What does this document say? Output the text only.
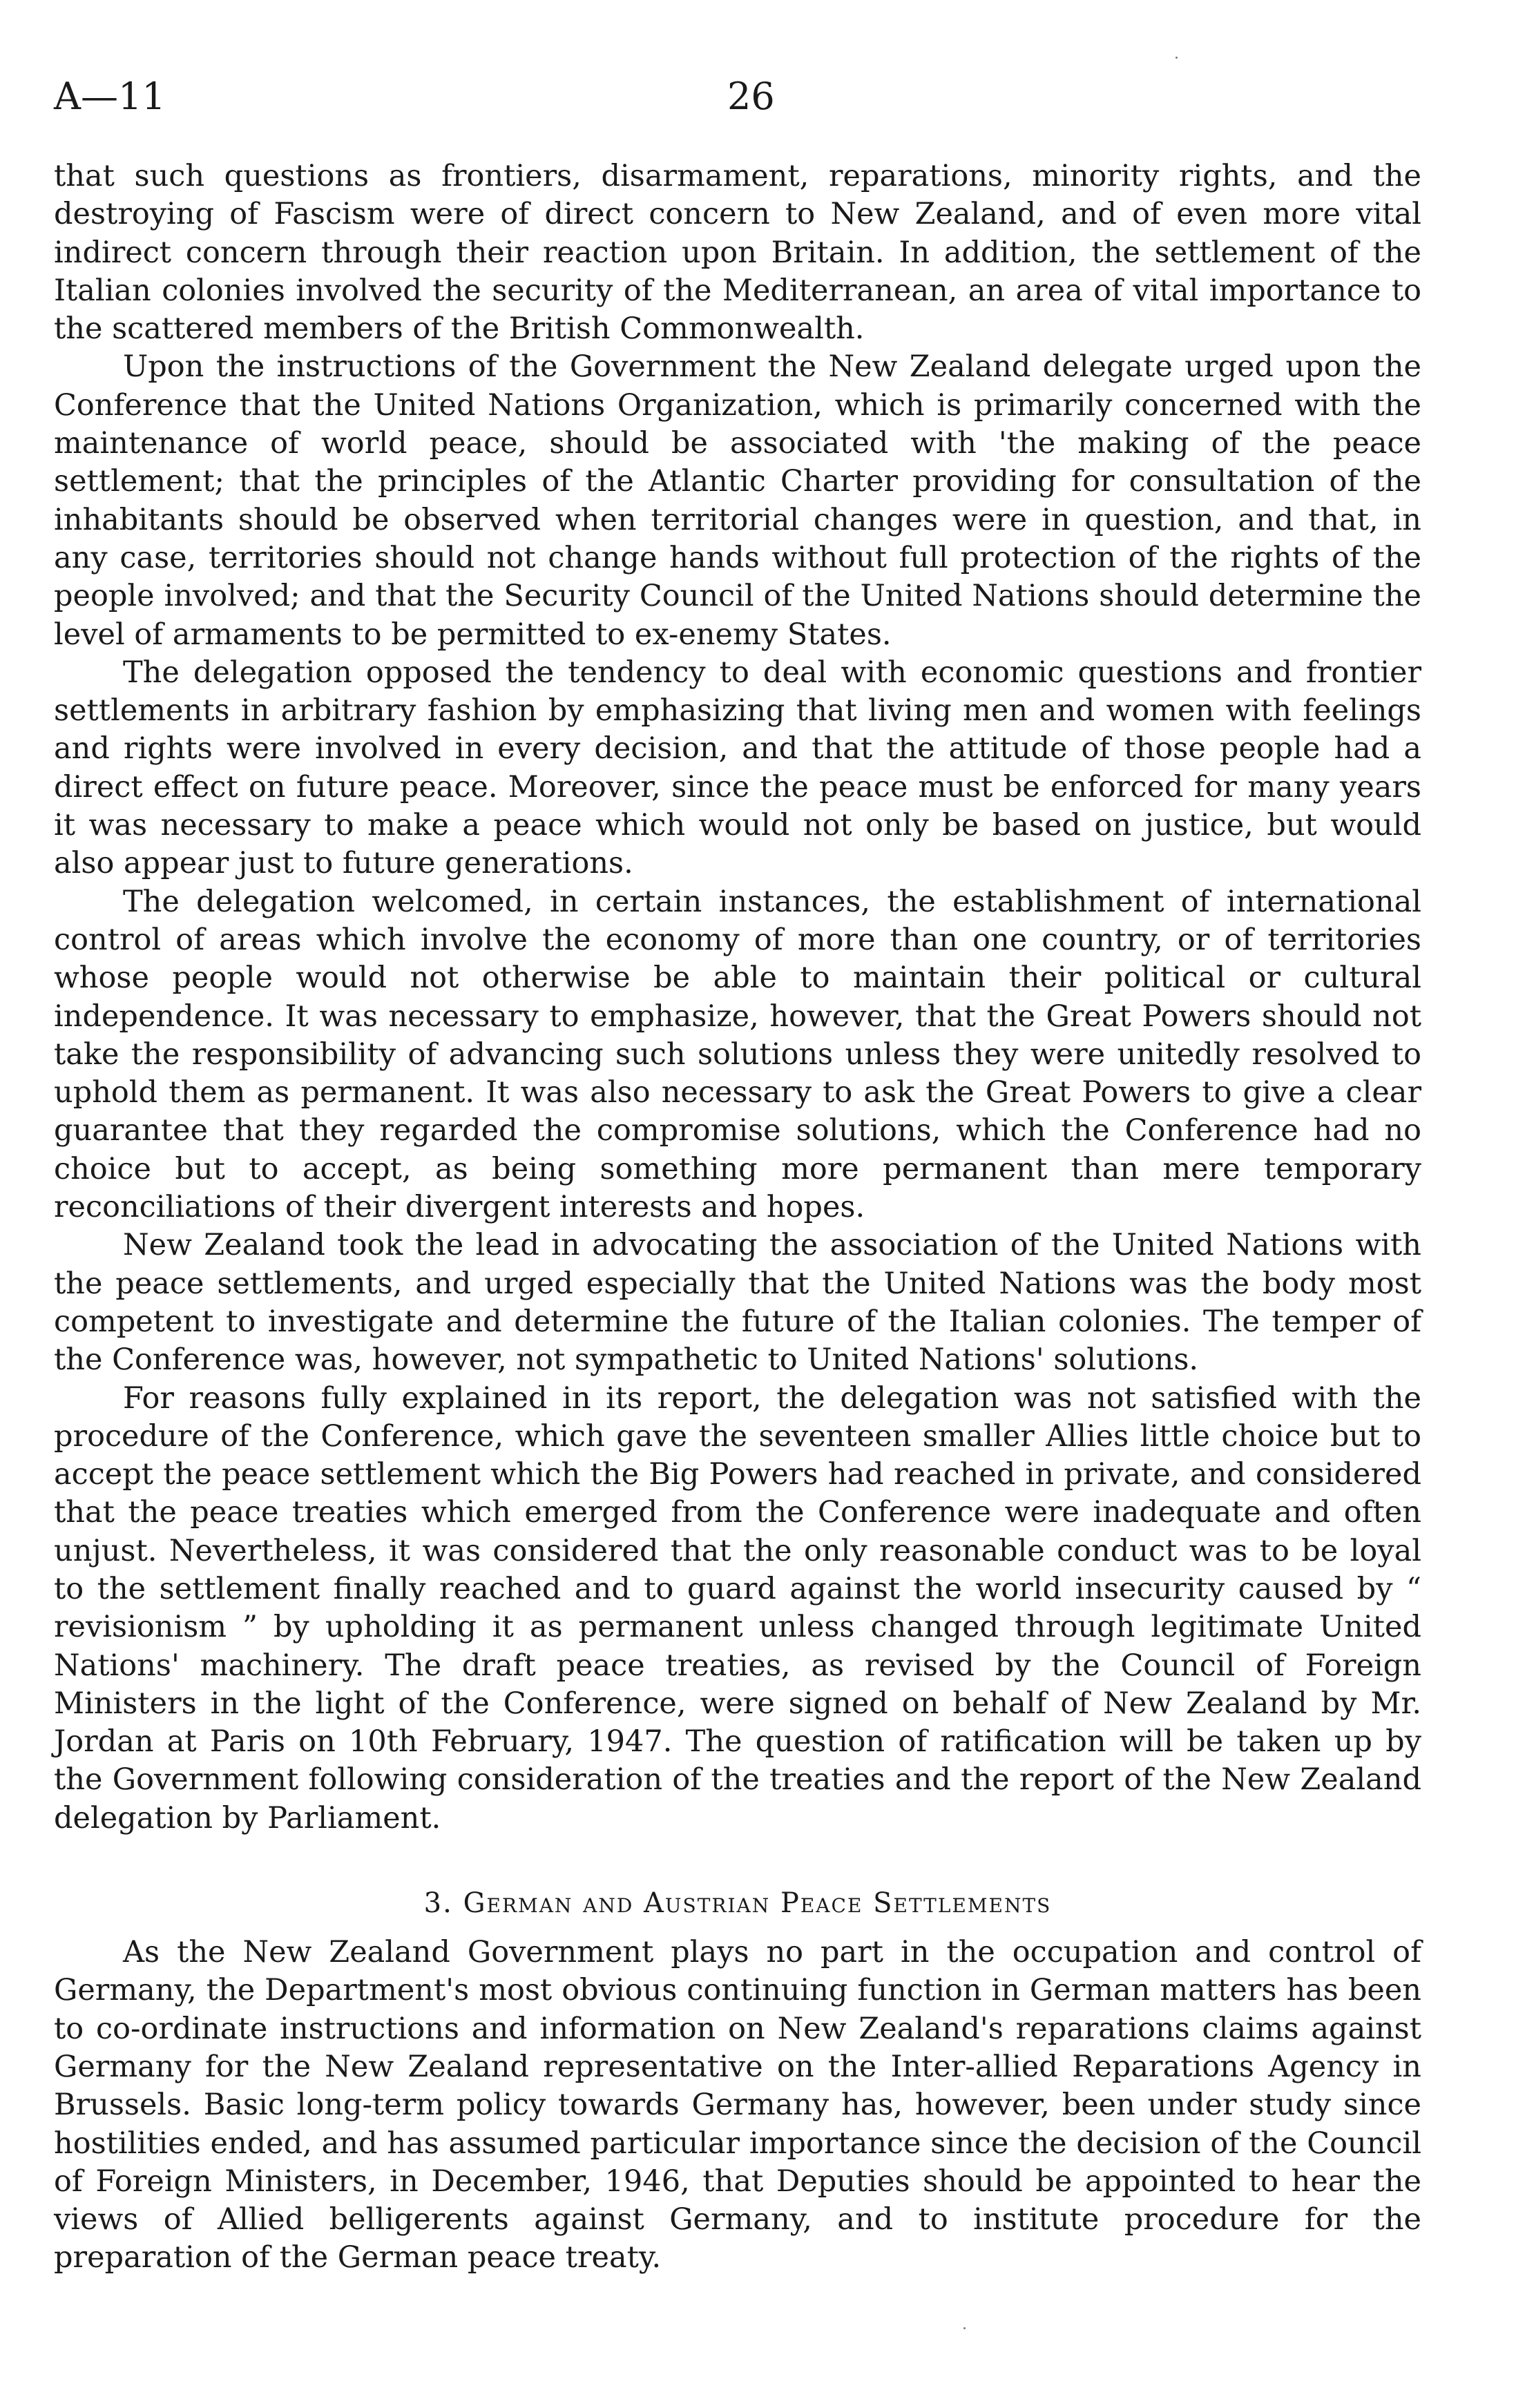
A—11	26

that such questions as frontiers, disarmament, reparations, minority rights, and the destroying of Fascism were of direct concern to New Zealand, and of even more vital indirect concern through their reaction upon Britain. In addition, the settlement of the Italian colonies involved the security of the Mediterranean, an area of vital importance to the scattered members of the British Commonwealth.

Upon the instructions of the Government the New Zealand delegate urged upon the Conference that the United Nations Organization, which is primarily concerned with the maintenance of world peace, should be associated with 'the making of the peace settlement; that the principles of the Atlantic Charter providing for consultation of the inhabitants should be observed when territorial changes were in question, and that, in any case, territories should not change hands without full protection of the rights of the people involved; and that the Security Council of the United Nations should determine the level of armaments to be permitted to ex-enemy States.

The delegation opposed the tendency to deal with economic questions and frontier settlements in arbitrary fashion by emphasizing that living men and women with feelings and rights were involved in every decision, and that the attitude of those people had a direct effect on future peace. Moreover, since the peace must be enforced for many years it was necessary to make a peace which would not only be based on justice, but would also appear just to future generations.

The delegation welcomed, in certain instances, the establishment of international control of areas which involve the economy of more than one country, or of territories whose people would not otherwise be able to maintain their political or cultural independence. It was necessary to emphasize, however, that the Great Powers should not take the responsibility of advancing such solutions unless they were unitedly resolved to uphold them as permanent. It was also necessary to ask the Great Powers to give a clear guarantee that they regarded the compromise solutions, which the Conference had no choice but to accept, as being something more permanent than mere temporary reconciliations of their divergent interests and hopes.

New Zealand took the lead in advocating the association of the United Nations with the peace settlements, and urged especially that the United Nations was the body most competent to investigate and determine the future of the Italian colonies. The temper of the Conference was, however, not sympathetic to United Nations' solutions.

For reasons fully explained in its report, the delegation was not satisfied with the procedure of the Conference, which gave the seventeen smaller Allies little choice but to accept the peace settlement which the Big Powers had reached in private, and considered that the peace treaties which emerged from the Conference were inadequate and often unjust. Nevertheless, it was considered that the only reasonable conduct was to be loyal to the settlement finally reached and to guard against the world insecurity caused by “ revisionism ” by upholding it as permanent unless changed through legitimate United Nations' machinery. The draft peace treaties, as revised by the Council of Foreign Ministers in the light of the Conference, were signed on behalf of New Zealand by Mr. Jordan at Paris on 10th February, 1947. The question of ratification will be taken up by the Government following consideration of the treaties and the report of the New Zealand delegation by Parliament.

3. German and Austrian Peace Settlements

As the New Zealand Government plays no part in the occupation and control of Germany, the Department's most obvious continuing function in German matters has been to co-ordinate instructions and information on New Zealand's reparations claims against Germany for the New Zealand representative on the Inter-allied Reparations Agency in Brussels. Basic long-term policy towards Germany has, however, been under study since hostilities ended, and has assumed particular importance since the decision of the Council of Foreign Ministers, in December, 1946, that Deputies should be appointed to hear the views of Allied belligerents against Germany, and to institute procedure for the preparation of the German peace treaty.
